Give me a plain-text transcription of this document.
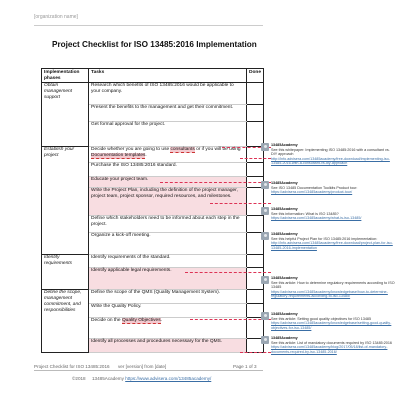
[organization name]
Project Checklist for ISO 13485:2016 Implementation
Implementation phases	Tasks	Done
Obtain management support	Research which benefits of ISO 13485:2016 would be applicable to your company.	
	Present the benefits to the management and get their commitment.	
	Get formal approval for the project.	
Establish your project	Decide whether you are going to use consultants or if you will be using Documentation templates.	
	Purchase the ISO 13485:2016 standard.	
	Educate your project team.	
	Write the Project Plan, including the definition of the project manager, project team, project sponsor, required resources, and milestones.	
	Define which stakeholders need to be informed about each step in the project.	
	Organize a kick-off meeting.	
Identify requirements	Identify requirements of the standard.	
	Identify applicable legal requirements.	
Define the scope, management commitment, and responsibilities	Define the scope of the QMS (Quality Management System).	
	Write the Quality Policy.	
	Decide on the Quality Objectives.	
	Identify all processes and procedures necessary for the QMS.	
13485Academy
See this whitepaper: Implementing ISO 13485:2016 with a consultant vs. DIY approach
http://info.advisera.com/13485academy/free-download/implementing-iso-13485-2016-with-a-consultant-vs-diy-approach
13485Academy
See ISO 13485 Documentation Toolkits Product tour:
https://advisera.com/13485academy/product-tour/
13485Academy
See this information: What is ISO 13485?
https://advisera.com/13485academy/what-is-iso-13485/
13485Academy
See this helpful Project Plan for ISO 13485:2016 implementation:
http://info.advisera.com/13485academy/free-download/project-plan-for-iso-13485-2016-implementation
13485Academy
See this article: How to determine regulatory requirements according to ISO 13485
https://advisera.com/13485academy/knowledgebase/how-to-determine-regulatory-requirements-according-to-iso-13485/
13485Academy
See this article: Setting good quality objectives for ISO 13485
https://advisera.com/13485academy/knowledgebase/setting-good-quality-objectives-for-iso-13485/
13485Academy
See this article: List of mandatory documents required by ISO 13485:2016
https://advisera.com/13485academy/blog/2017/05/18/list-of-mandatory-documents-required-by-iso-13485-2016/
Project Checklist for ISO 13485:2016 ver [version] from [date]	Page 1 of 3
©2018 13485Academy https://www.advisera.com/13485academy/
